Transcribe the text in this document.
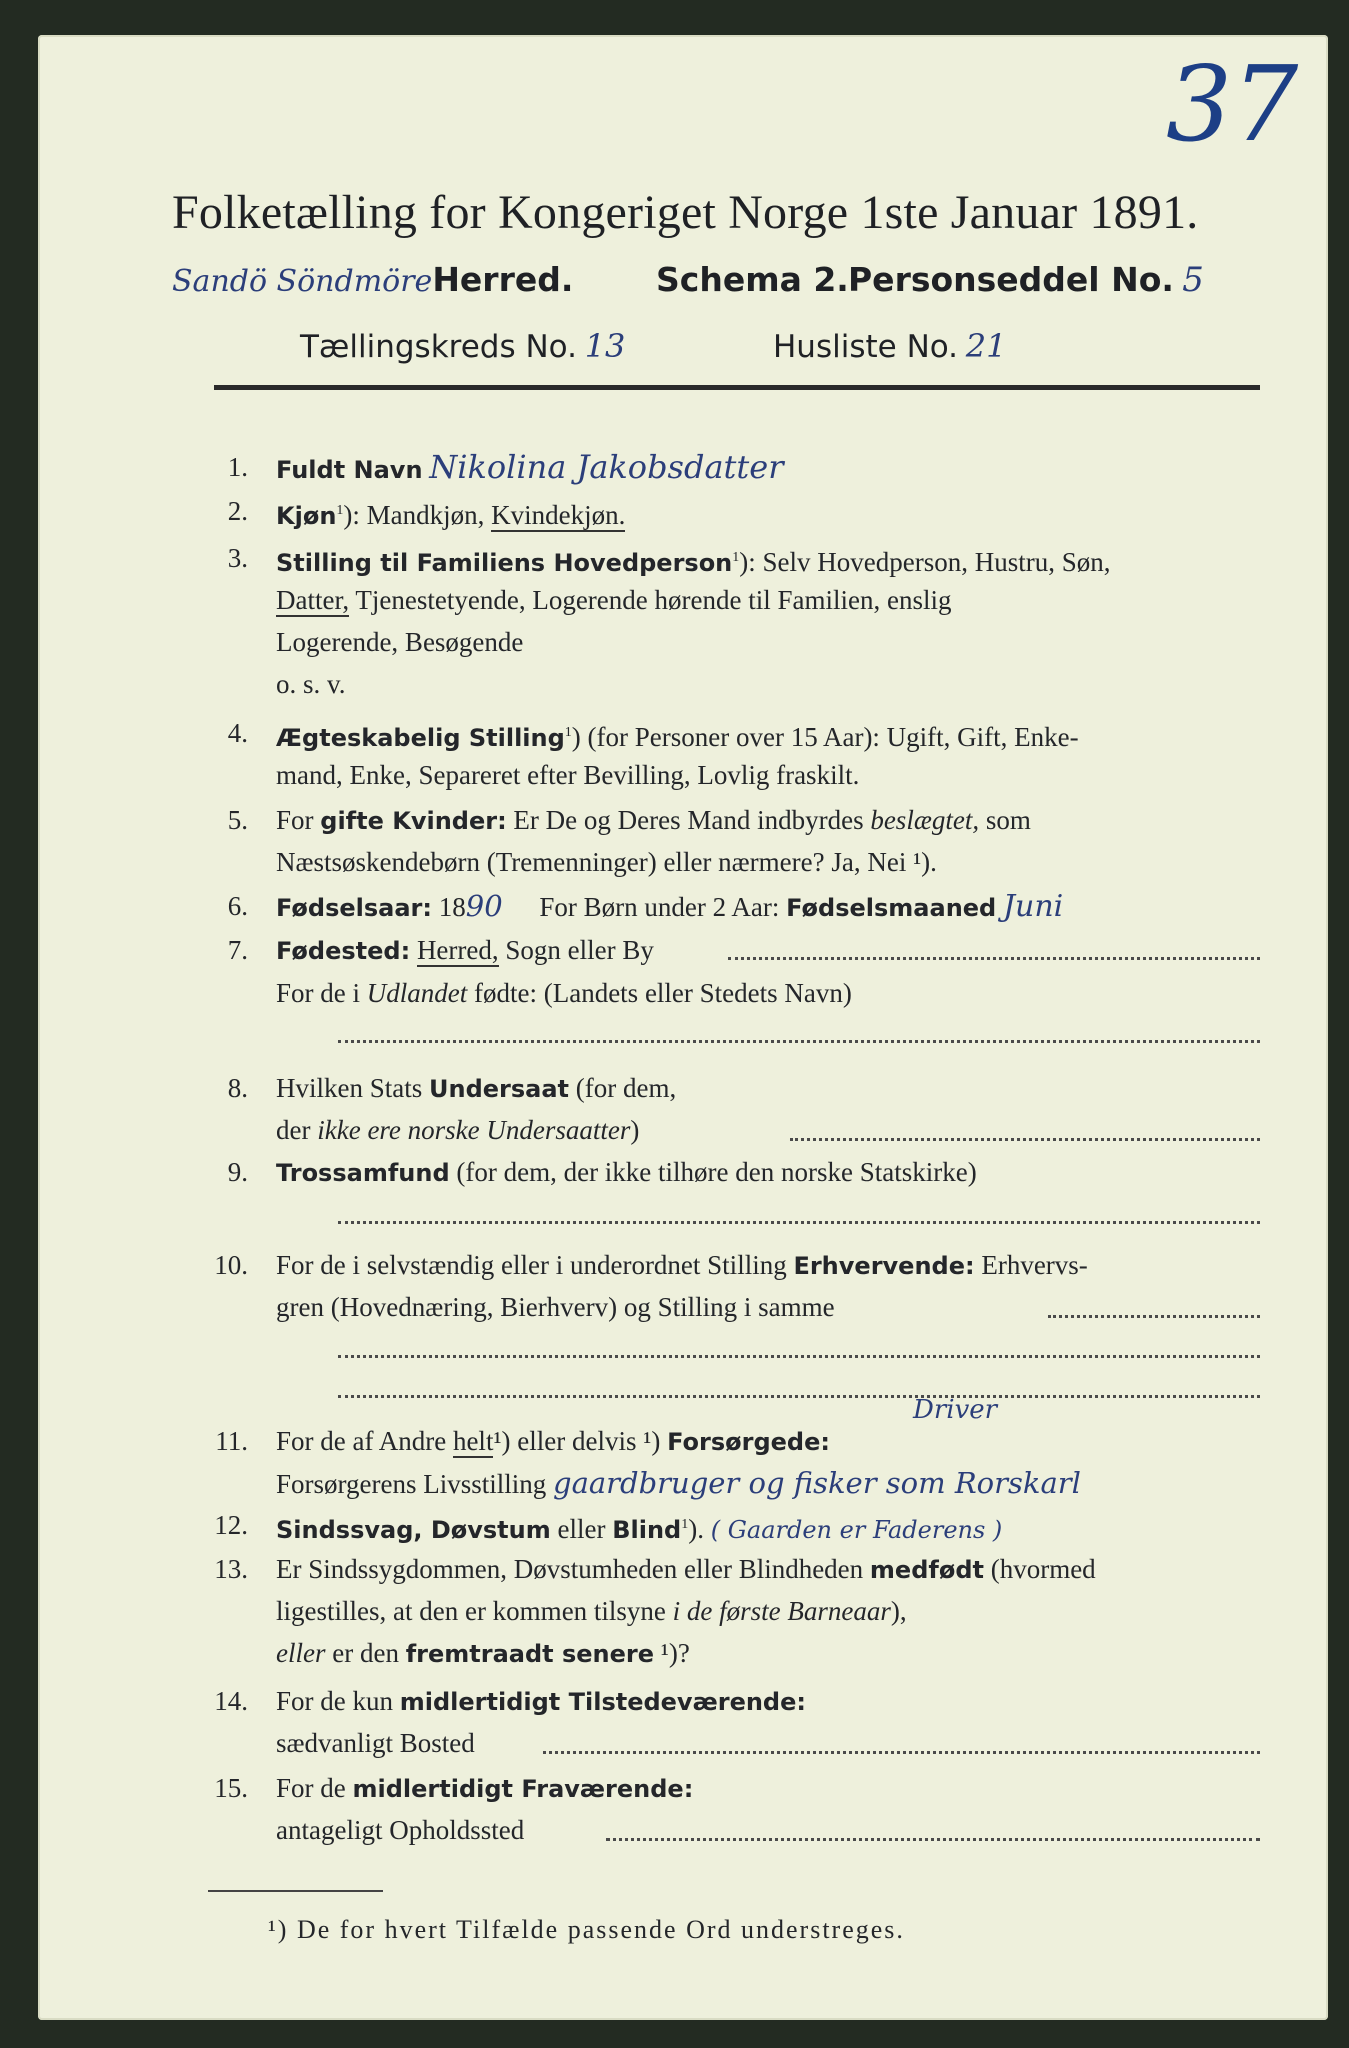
37
Folketælling for Kongeriget Norge 1ste Januar 1891.
Sandö SöndmöreHerred.	Schema 2. Personseddel No. 5
Tællingskreds No. 13	Husliste No. 21
1. Fuldt Navn Nikolina Jakobsdatter
2. Kjøn$^1$): Mandkjøn, Kvindekjøn.
3. Stilling til Familiens Hovedperson$^1$): Selv Hovedperson, Hustru, Søn,
Datter, Tjenestetyende, Logerende hørende til Familien, enslig
Logerende, Besøgende
o. s. v.
4. Ægteskabelig Stilling$^1$) (for Personer over 15 Aar): Ugift, Gift, Enke-
mand, Enke, Separeret efter Bevilling, Lovlig fraskilt.
5. For gifte Kvinder: Er De og Deres Mand indbyrdes beslægtet, som
Næstsøskendebørn (Tremenninger) eller nærmere? Ja, Nei ¹).
6. Fødselsaar: 1890 For Børn under 2 Aar: Fødselsmaaned Juni
7. Fødested: Herred, Sogn eller By
For de i Udlandet fødte: (Landets eller Stedets Navn)
8. Hvilken Stats Undersaat (for dem,
der ikke ere norske Undersaatter)
9. Trossamfund (for dem, der ikke tilhøre den norske Statskirke)
10. For de i selvstændig eller i underordnet Stilling Erhvervende: Erhvervs-
gren (Hovednæring, Bierhverv) og Stilling i samme
Driver
11. For de af Andre helt¹) eller delvis ¹) Forsørgede:
Forsørgerens Livsstilling gaardbruger og fisker som Rorskarl
12. Sindssvag, Døvstum eller Blind$^1$). ( Gaarden er Faderens )
13. Er Sindssygdommen, Døvstumheden eller Blindheden medfødt (hvormed
ligestilles, at den er kommen tilsyne i de første Barneaar),
eller er den fremtraadt senere ¹)?
14. For de kun midlertidigt Tilstedeværende:
sædvanligt Bosted
15. For de midlertidigt Fraværende:
antageligt Opholdssted
¹) De for hvert Tilfælde passende Ord understreges.
